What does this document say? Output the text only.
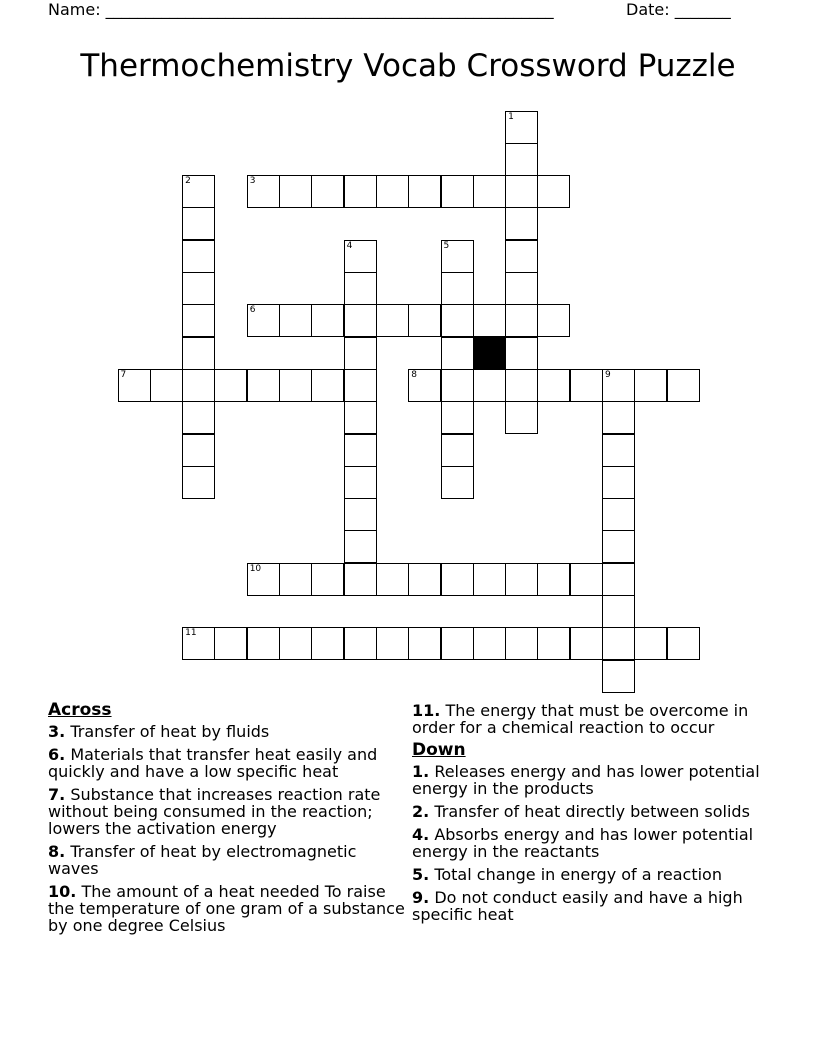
Name: ________________________________________________________	Date: _______
Thermochemistry Vocab Crossword Puzzle
1
2	3
4	5
6
7	8	9
10
11
Across
3. Transfer of heat by fluids
6. Materials that transfer heat easily and quickly and have a low specific heat
7. Substance that increases reaction rate without being consumed in the reaction; lowers the activation energy
8. Transfer of heat by electromagnetic waves
10. The amount of a heat needed To raise the temperature of one gram of a substance by one degree Celsius
11. The energy that must be overcome in order for a chemical reaction to occur
Down
1. Releases energy and has lower potential energy in the products
2. Transfer of heat directly between solids
4. Absorbs energy and has lower potential energy in the reactants
5. Total change in energy of a reaction
9. Do not conduct easily and have a high specific heat
